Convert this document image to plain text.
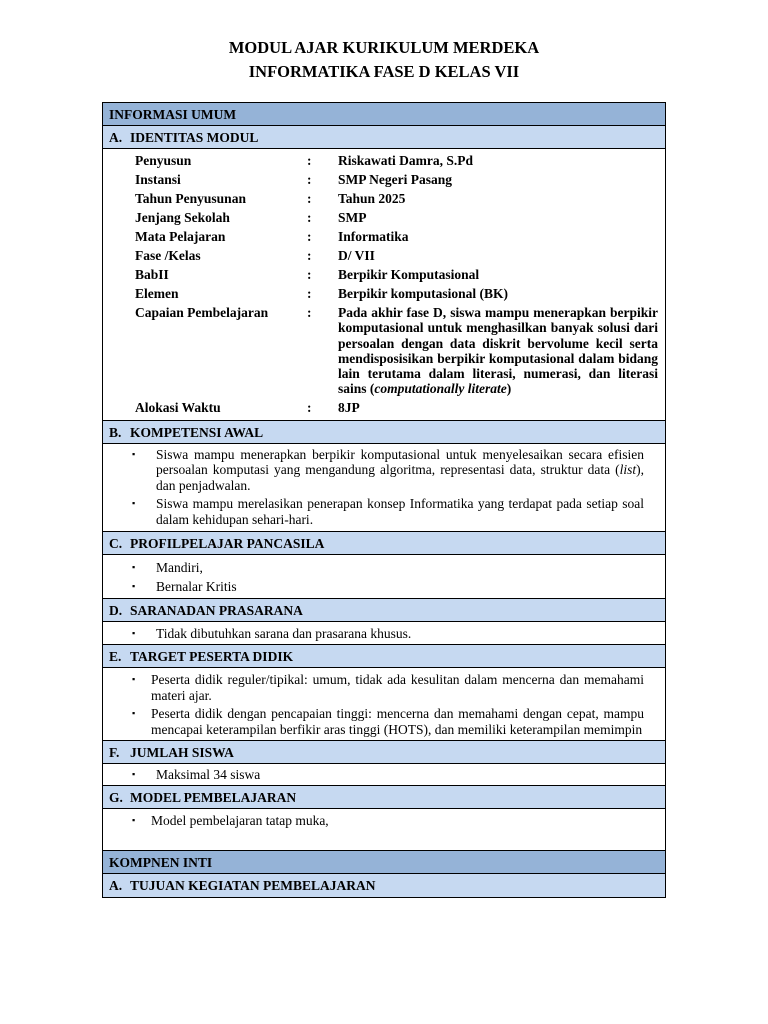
MODUL AJAR KURIKULUM MERDEKA
INFORMATIKA FASE D KELAS VII
INFORMASI UMUM
A. IDENTITAS MODUL
Penyusun	:	Riskawati Damra, S.Pd
Instansi	:	SMP Negeri Pasang
Tahun Penyusunan	:	Tahun 2025
Jenjang Sekolah	:	SMP
Mata Pelajaran	:	Informatika
Fase /Kelas	:	D/ VII
BabII	:	Berpikir Komputasional
Elemen	:	Berpikir komputasional (BK)
Capaian Pembelajaran	:	Pada akhir fase D, siswa mampu menerapkan berpikir komputasional untuk menghasilkan banyak solusi dari persoalan dengan data diskrit bervolume kecil serta mendisposisikan berpikir komputasional dalam bidang lain terutama dalam literasi, numerasi, dan literasi sains (computationally literate)
Alokasi Waktu	:	8JP
B. KOMPETENSI AWAL
▪ Siswa mampu menerapkan berpikir komputasional untuk menyelesaikan secara efisien persoalan komputasi yang mengandung algoritma, representasi data, struktur data (list), dan penjadwalan.
▪ Siswa mampu merelasikan penerapan konsep Informatika yang terdapat pada setiap soal dalam kehidupan sehari-hari.
C. PROFILPELAJAR PANCASILA
▪ Mandiri,
▪ Bernalar Kritis
D. SARANADAN PRASARANA
▪ Tidak dibutuhkan sarana dan prasarana khusus.
E. TARGET PESERTA DIDIK
▪ Peserta didik reguler/tipikal: umum, tidak ada kesulitan dalam mencerna dan memahami materi ajar.
▪ Peserta didik dengan pencapaian tinggi: mencerna dan memahami dengan cepat, mampu mencapai keterampilan berfikir aras tinggi (HOTS), dan memiliki keterampilan memimpin
F. JUMLAH SISWA
▪ Maksimal 34 siswa
G. MODEL PEMBELAJARAN
▪ Model pembelajaran tatap muka,
KOMPNEN INTI
A. TUJUAN KEGIATAN PEMBELAJARAN
